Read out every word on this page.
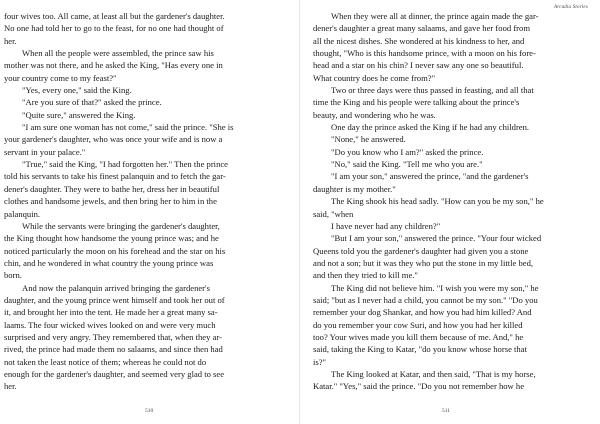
four wives too. All came, at least all but the gardener's daughter.
No one had told her to go to the feast, for no one had thought of
her.
When all the people were assembled, the prince saw his
mother was not there, and he asked the King, "Has every one in
your country come to my feast?"
"Yes, every one," said the King.
"Are you sure of that?" asked the prince.
"Quite sure," answered the King.
"I am sure one woman has not come," said the prince. "She is
your gardener's daughter, who was once your wife and is now a
servant in your palace."
"True," said the King, "I had forgotten her." Then the prince
told his servants to take his finest palanquin and to fetch the gar-
dener's daughter. They were to bathe her, dress her in beautiful
clothes and handsome jewels, and then bring her to him in the
palanquin.
While the servants were bringing the gardener's daughter,
the King thought how handsome the young prince was; and he
noticed particularly the moon on his forehead and the star on his
chin, and he wondered in what country the young prince was
born.
And now the palanquin arrived bringing the gardener's
daughter, and the young prince went himself and took her out of
it, and brought her into the tent. He made her a great many sa-
laams. The four wicked wives looked on and were very much
surprised and very angry. They remembered that, when they ar-
rived, the prince had made them no salaams, and since then had
not taken the least notice of them; whereas he could not do
enough for the gardener's daughter, and seemed very glad to see
her.
510
Arcadia Stories
When they were all at dinner, the prince again made the gar-
dener's daughter a great many salaams, and gave her food from
all the nicest dishes. She wondered at his kindness to her, and
thought, "Who is this handsome prince, with a moon on his fore-
head and a star on his chin? I never saw any one so beautiful.
What country does he come from?"
Two or three days were thus passed in feasting, and all that
time the King and his people were talking about the prince's
beauty, and wondering who he was.
One day the prince asked the King if he had any children.
"None," he answered.
"Do you know who I am?" asked the prince.
"No," said the King. "Tell me who you are."
"I am your son," answered the prince, "and the gardener's
daughter is my mother."
The King shook his head sadly. "How can you be my son," he
said, "when
I have never had any children?"
"But I am your son," answered the prince. "Your four wicked
Queens told you the gardener's daughter had given you a stone
and not a son; but it was they who put the stone in my little bed,
and then they tried to kill me."
The King did not believe him. "I wish you were my son," he
said; "but as I never had a child, you cannot be my son." "Do you
remember your dog Shankar, and how you had him killed? And
do you remember your cow Suri, and how you had her killed
too? Your wives made you kill them because of me. And," he
said, taking the King to Katar, "do you know whose horse that
is?"
The King looked at Katar, and then said, "That is my horse,
Katar." "Yes," said the prince. "Do you not remember how he
511
